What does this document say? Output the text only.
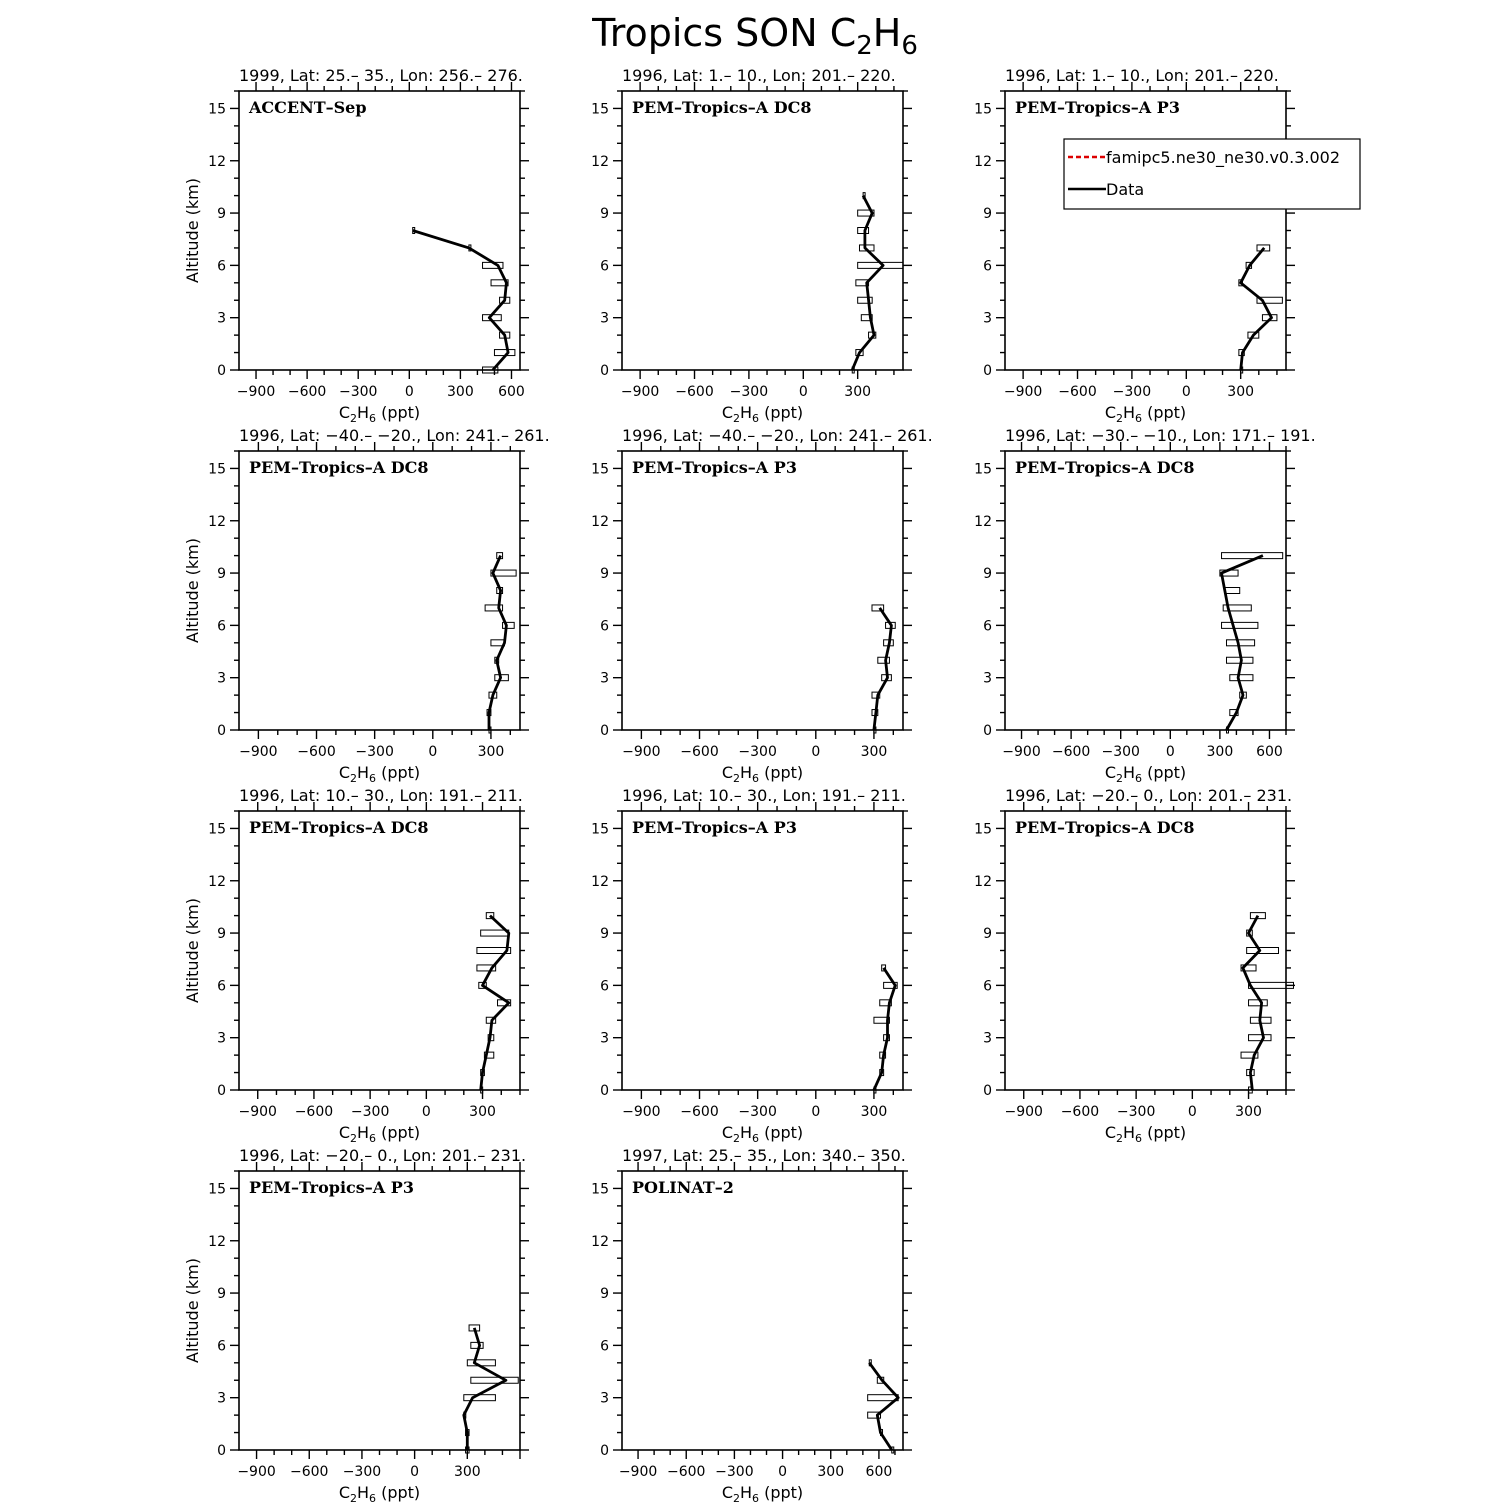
Tropics SON $C_2H_6$
1999, Lat: 25.– 35., Lon: 256.– 276.
ACCENT–Sep
0
3
6
9
12
15
−900 −600 −300 0 300 600
$C_2H_6$ (ppt)
Altitude (km)
1996, Lat: 1.– 10., Lon: 201.– 220.
PEM–Tropics–A DC8
0
3
6
9
12
15
−900 −600 −300 0	300
$C_2H_6$ (ppt)
1996, Lat: 1.– 10., Lon: 201.– 220.
PEM–Tropics–A P3
0
3
6
9
12
15
−900 −600 −300 0	300
$C_2H_6$ (ppt)
1996, Lat: −40.– −20., Lon: 241.– 261.
PEM–Tropics–A DC8
0
3
6
9
12
15
−900 −600 −300 0	300
$C_2H_6$ (ppt)
Altitude (km)
1996, Lat: −40.– −20., Lon: 241.– 261.
PEM–Tropics–A P3
0
3
6
9
12
15
−900 −600 −300 0	300
$C_2H_6$ (ppt)
1996, Lat: −30.– −10., Lon: 171.– 191.
PEM–Tropics–A DC8
0
3
6
9
12
15
−900 −600 −300 0 300 600
$C_2H_6$ (ppt)
1996, Lat: 10.– 30., Lon: 191.– 211.
PEM–Tropics–A DC8
0
3
6
9
12
15
−900 −600 −300 0	300
$C_2H_6$ (ppt)
Altitude (km)
1996, Lat: 10.– 30., Lon: 191.– 211.
PEM–Tropics–A P3
0
3
6
9
12
15
−900 −600 −300 0	300
$C_2H_6$ (ppt)
1996, Lat: −20.– 0., Lon: 201.– 231.
PEM–Tropics–A DC8
0
3
6
9
12
15
−900 −600 −300 0	300
$C_2H_6$ (ppt)
1996, Lat: −20.– 0., Lon: 201.– 231.
PEM–Tropics–A P3
0
3
6
9
12
15
−900 −600 −300 0 300
$C_2H_6$ (ppt)
Altitude (km)
1997, Lat: 25.– 35., Lon: 340.– 350.
POLINAT–2
0
3
6
9
12
15
−900 −600 −300 0 300 600
$C_2H_6$ (ppt)
famipc5.ne30_ne30.v0.3.002
Data
